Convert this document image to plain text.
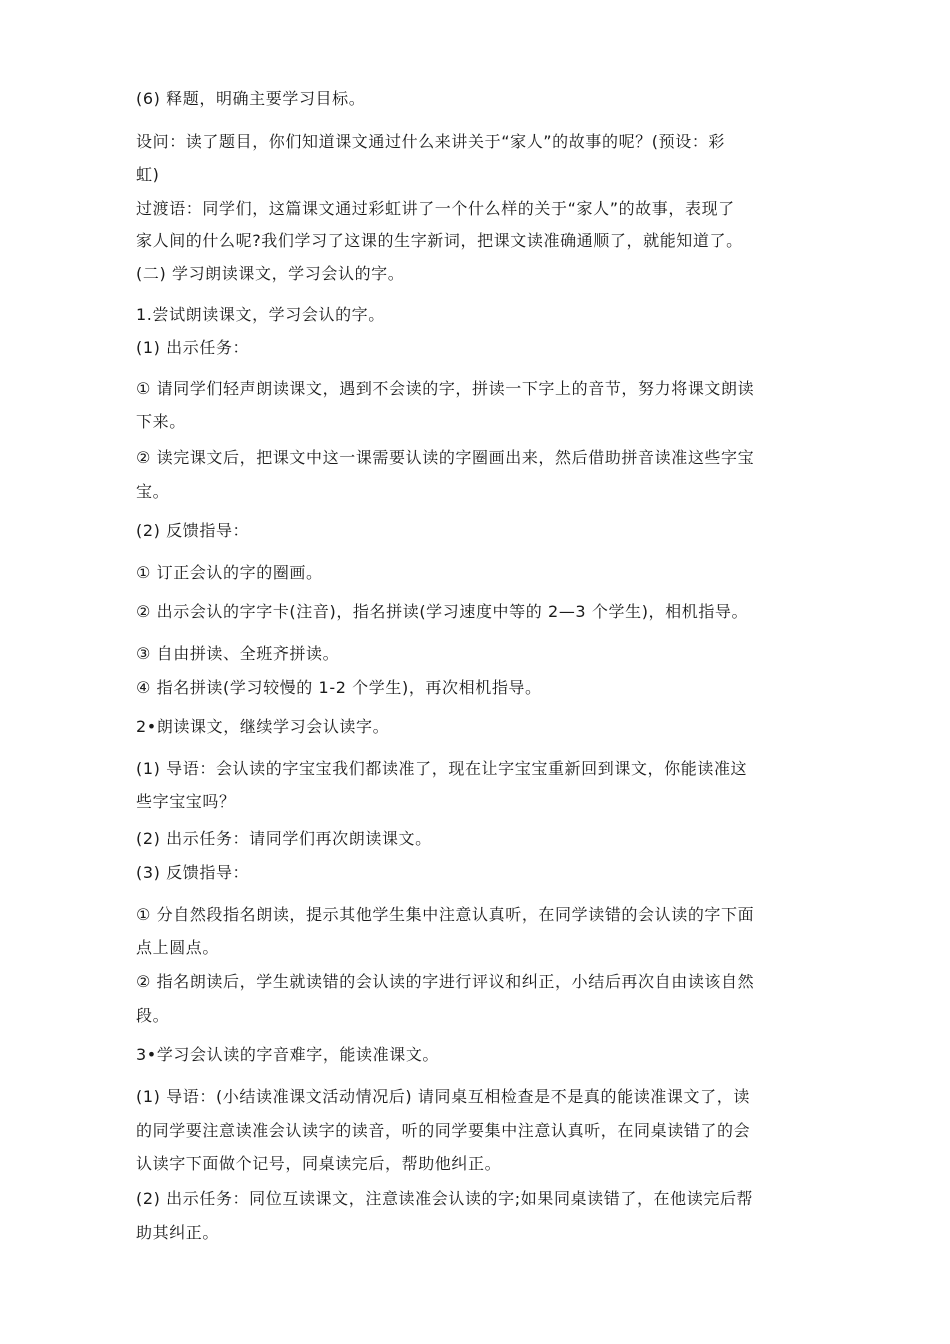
(6) 释题，明确主要学习目标。
设问：读了题目，你们知道课文通过什么来讲关于“家人”的故事的呢？(预设：彩
虹)
过渡语：同学们，这篇课文通过彩虹讲了一个什么样的关于“家人”的故事，表现了
家人间的什么呢?我们学习了这课的生字新词，把课文读准确通顺了，就能知道了。
(二) 学习朗读课文，学习会认的字。
1.尝试朗读课文，学习会认的字。
(1) 出示任务：
① 请同学们轻声朗读课文，遇到不会读的字，拼读一下字上的音节，努力将课文朗读
下来。
② 读完课文后，把课文中这一课需要认读的字圈画出来，然后借助拼音读准这些字宝
宝。
(2) 反馈指导：
① 订正会认的字的圈画。
② 出示会认的字字卡(注音)，指名拼读(学习速度中等的 2—3 个学生)，相机指导。
③ 自由拼读、全班齐拼读。
④ 指名拼读(学习较慢的 1-2 个学生)，再次相机指导。
2•朗读课文，继续学习会认读字。
(1) 导语：会认读的字宝宝我们都读准了，现在让字宝宝重新回到课文，你能读准这
些字宝宝吗？
(2) 出示任务：请同学们再次朗读课文。
(3) 反馈指导：
① 分自然段指名朗读，提示其他学生集中注意认真听，在同学读错的会认读的字下面
点上圆点。
② 指名朗读后，学生就读错的会认读的字进行评议和纠正，小结后再次自由读该自然
段。
3•学习会认读的字音难字，能读准课文。
(1) 导语：(小结读准课文活动情况后) 请同桌互相检查是不是真的能读准课文了，读
的同学要注意读准会认读字的读音，听的同学要集中注意认真听，在同桌读错了的会
认读字下面做个记号，同桌读完后，帮助他纠正。
(2) 出示任务：同位互读课文，注意读准会认读的字;如果同桌读错了，在他读完后帮
助其纠正。
